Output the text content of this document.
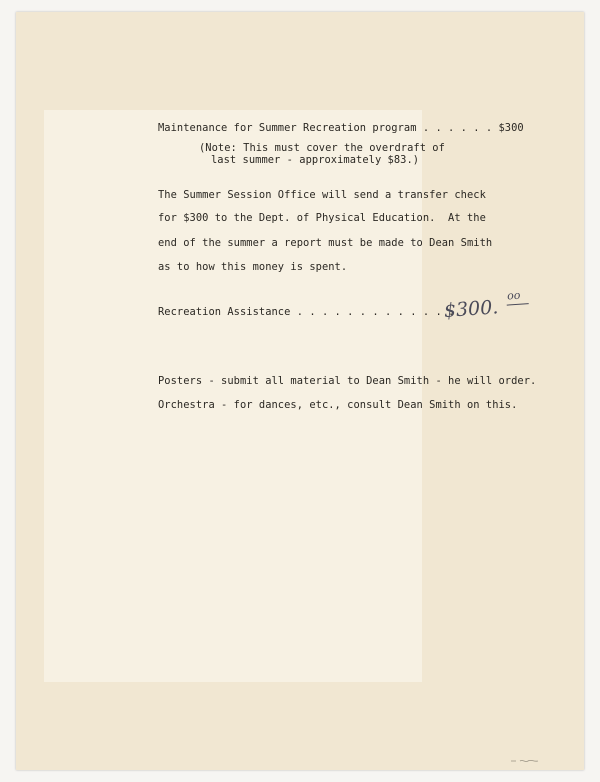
Maintenance for Summer Recreation program . . . . . . $300
(Note: This must cover the overdraft of
last summer - approximately $83.)
The Summer Session Office will send a transfer check
for $300 to the Dept. of Physical Education.  At the
end of the summer a report must be made to Dean Smith
as to how this money is spent.
Recreation Assistance . . . . . . . . . . . . . .
$300.
oo
Posters - submit all material to Dean Smith - he will order.
Orchestra - for dances, etc., consult Dean Smith on this.
